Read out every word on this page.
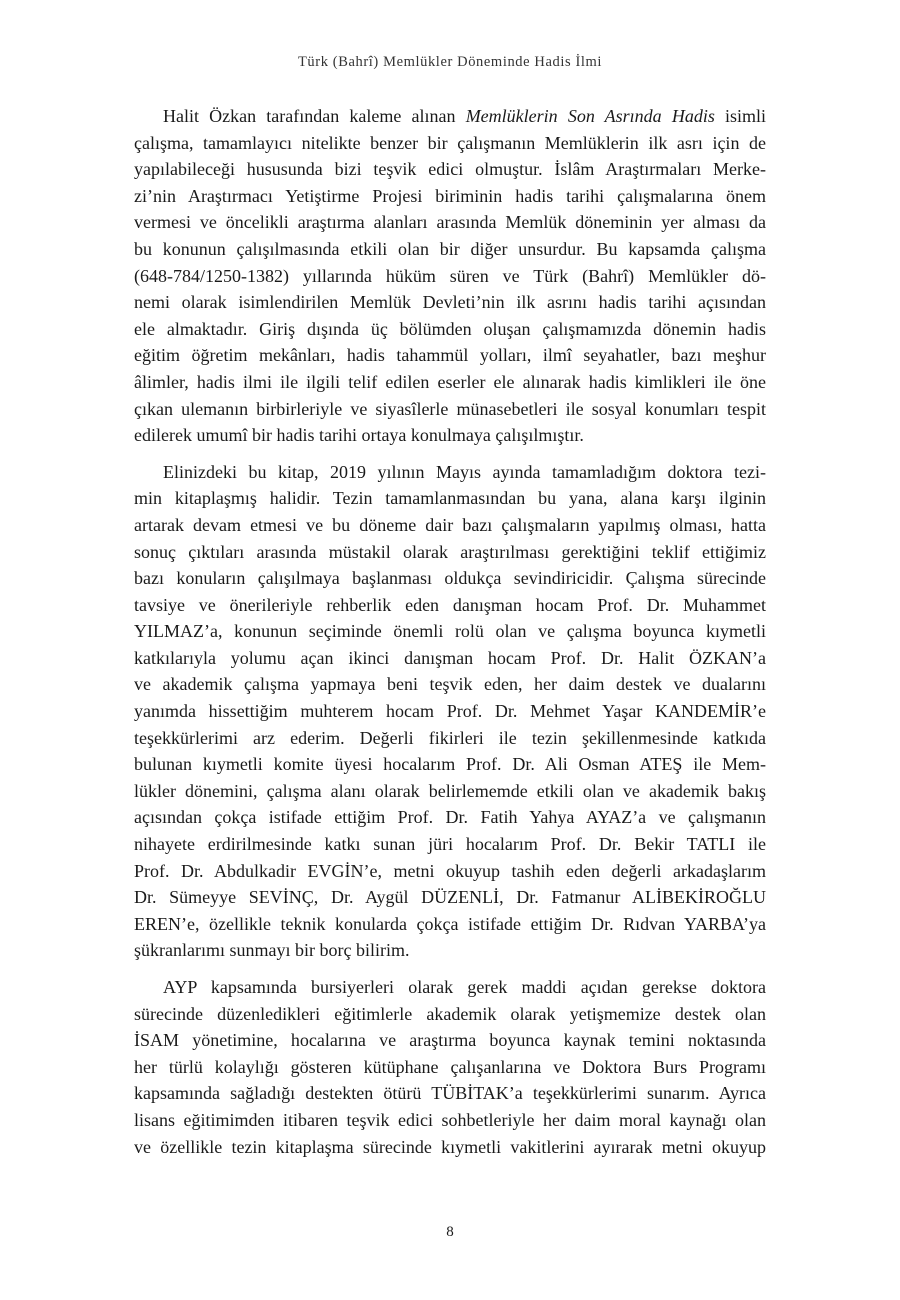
Türk (Bahrî) Memlükler Döneminde Hadis İlmi

Halit Özkan tarafından kaleme alınan Memlüklerin Son Asrında Hadis isimli
çalışma, tamamlayıcı nitelikte benzer bir çalışmanın Memlüklerin ilk asrı için de
yapılabileceği hususunda bizi teşvik edici olmuştur. İslâm Araştırmaları Merke-
zi’nin Araştırmacı Yetiştirme Projesi biriminin hadis tarihi çalışmalarına önem
vermesi ve öncelikli araştırma alanları arasında Memlük döneminin yer alması da
bu konunun çalışılmasında etkili olan bir diğer unsurdur. Bu kapsamda çalışma
(648-784/1250-1382) yıllarında hüküm süren ve Türk (Bahrî) Memlükler dö-
nemi olarak isimlendirilen Memlük Devleti’nin ilk asrını hadis tarihi açısından
ele almaktadır. Giriş dışında üç bölümden oluşan çalışmamızda dönemin hadis
eğitim öğretim mekânları, hadis tahammül yolları, ilmî seyahatler, bazı meşhur
âlimler, hadis ilmi ile ilgili telif edilen eserler ele alınarak hadis kimlikleri ile öne
çıkan ulemanın birbirleriyle ve siyasîlerle münasebetleri ile sosyal konumları tespit
edilerek umumî bir hadis tarihi ortaya konulmaya çalışılmıştır.

Elinizdeki bu kitap, 2019 yılının Mayıs ayında tamamladığım doktora tezi-
min kitaplaşmış halidir. Tezin tamamlanmasından bu yana, alana karşı ilginin
artarak devam etmesi ve bu döneme dair bazı çalışmaların yapılmış olması, hatta
sonuç çıktıları arasında müstakil olarak araştırılması gerektiğini teklif ettiğimiz
bazı konuların çalışılmaya başlanması oldukça sevindiricidir. Çalışma sürecinde
tavsiye ve önerileriyle rehberlik eden danışman hocam Prof. Dr. Muhammet
YILMAZ’a, konunun seçiminde önemli rolü olan ve çalışma boyunca kıymetli
katkılarıyla yolumu açan ikinci danışman hocam Prof. Dr. Halit ÖZKAN’a
ve akademik çalışma yapmaya beni teşvik eden, her daim destek ve dualarını
yanımda hissettiğim muhterem hocam Prof. Dr. Mehmet Yaşar KANDEMİR’e
teşekkürlerimi arz ederim. Değerli fikirleri ile tezin şekillenmesinde katkıda
bulunan kıymetli komite üyesi hocalarım Prof. Dr. Ali Osman ATEŞ ile Mem-
lükler dönemini, çalışma alanı olarak belirlememde etkili olan ve akademik bakış
açısından çokça istifade ettiğim Prof. Dr. Fatih Yahya AYAZ’a ve çalışmanın
nihayete erdirilmesinde katkı sunan jüri hocalarım Prof. Dr. Bekir TATLI ile
Prof. Dr. Abdulkadir EVGİN’e, metni okuyup tashih eden değerli arkadaşlarım
Dr. Sümeyye SEVİNÇ, Dr. Aygül DÜZENLİ, Dr. Fatmanur ALİBEKİROĞLU
EREN’e, özellikle teknik konularda çokça istifade ettiğim Dr. Rıdvan YARBA’ya
şükranlarımı sunmayı bir borç bilirim.

AYP kapsamında bursiyerleri olarak gerek maddi açıdan gerekse doktora
sürecinde düzenledikleri eğitimlerle akademik olarak yetişmemize destek olan
İSAM yönetimine, hocalarına ve araştırma boyunca kaynak temini noktasında
her türlü kolaylığı gösteren kütüphane çalışanlarına ve Doktora Burs Programı
kapsamında sağladığı destekten ötürü TÜBİTAK’a teşekkürlerimi sunarım. Ayrıca
lisans eğitimimden itibaren teşvik edici sohbetleriyle her daim moral kaynağı olan
ve özellikle tezin kitaplaşma sürecinde kıymetli vakitlerini ayırarak metni okuyup

8
